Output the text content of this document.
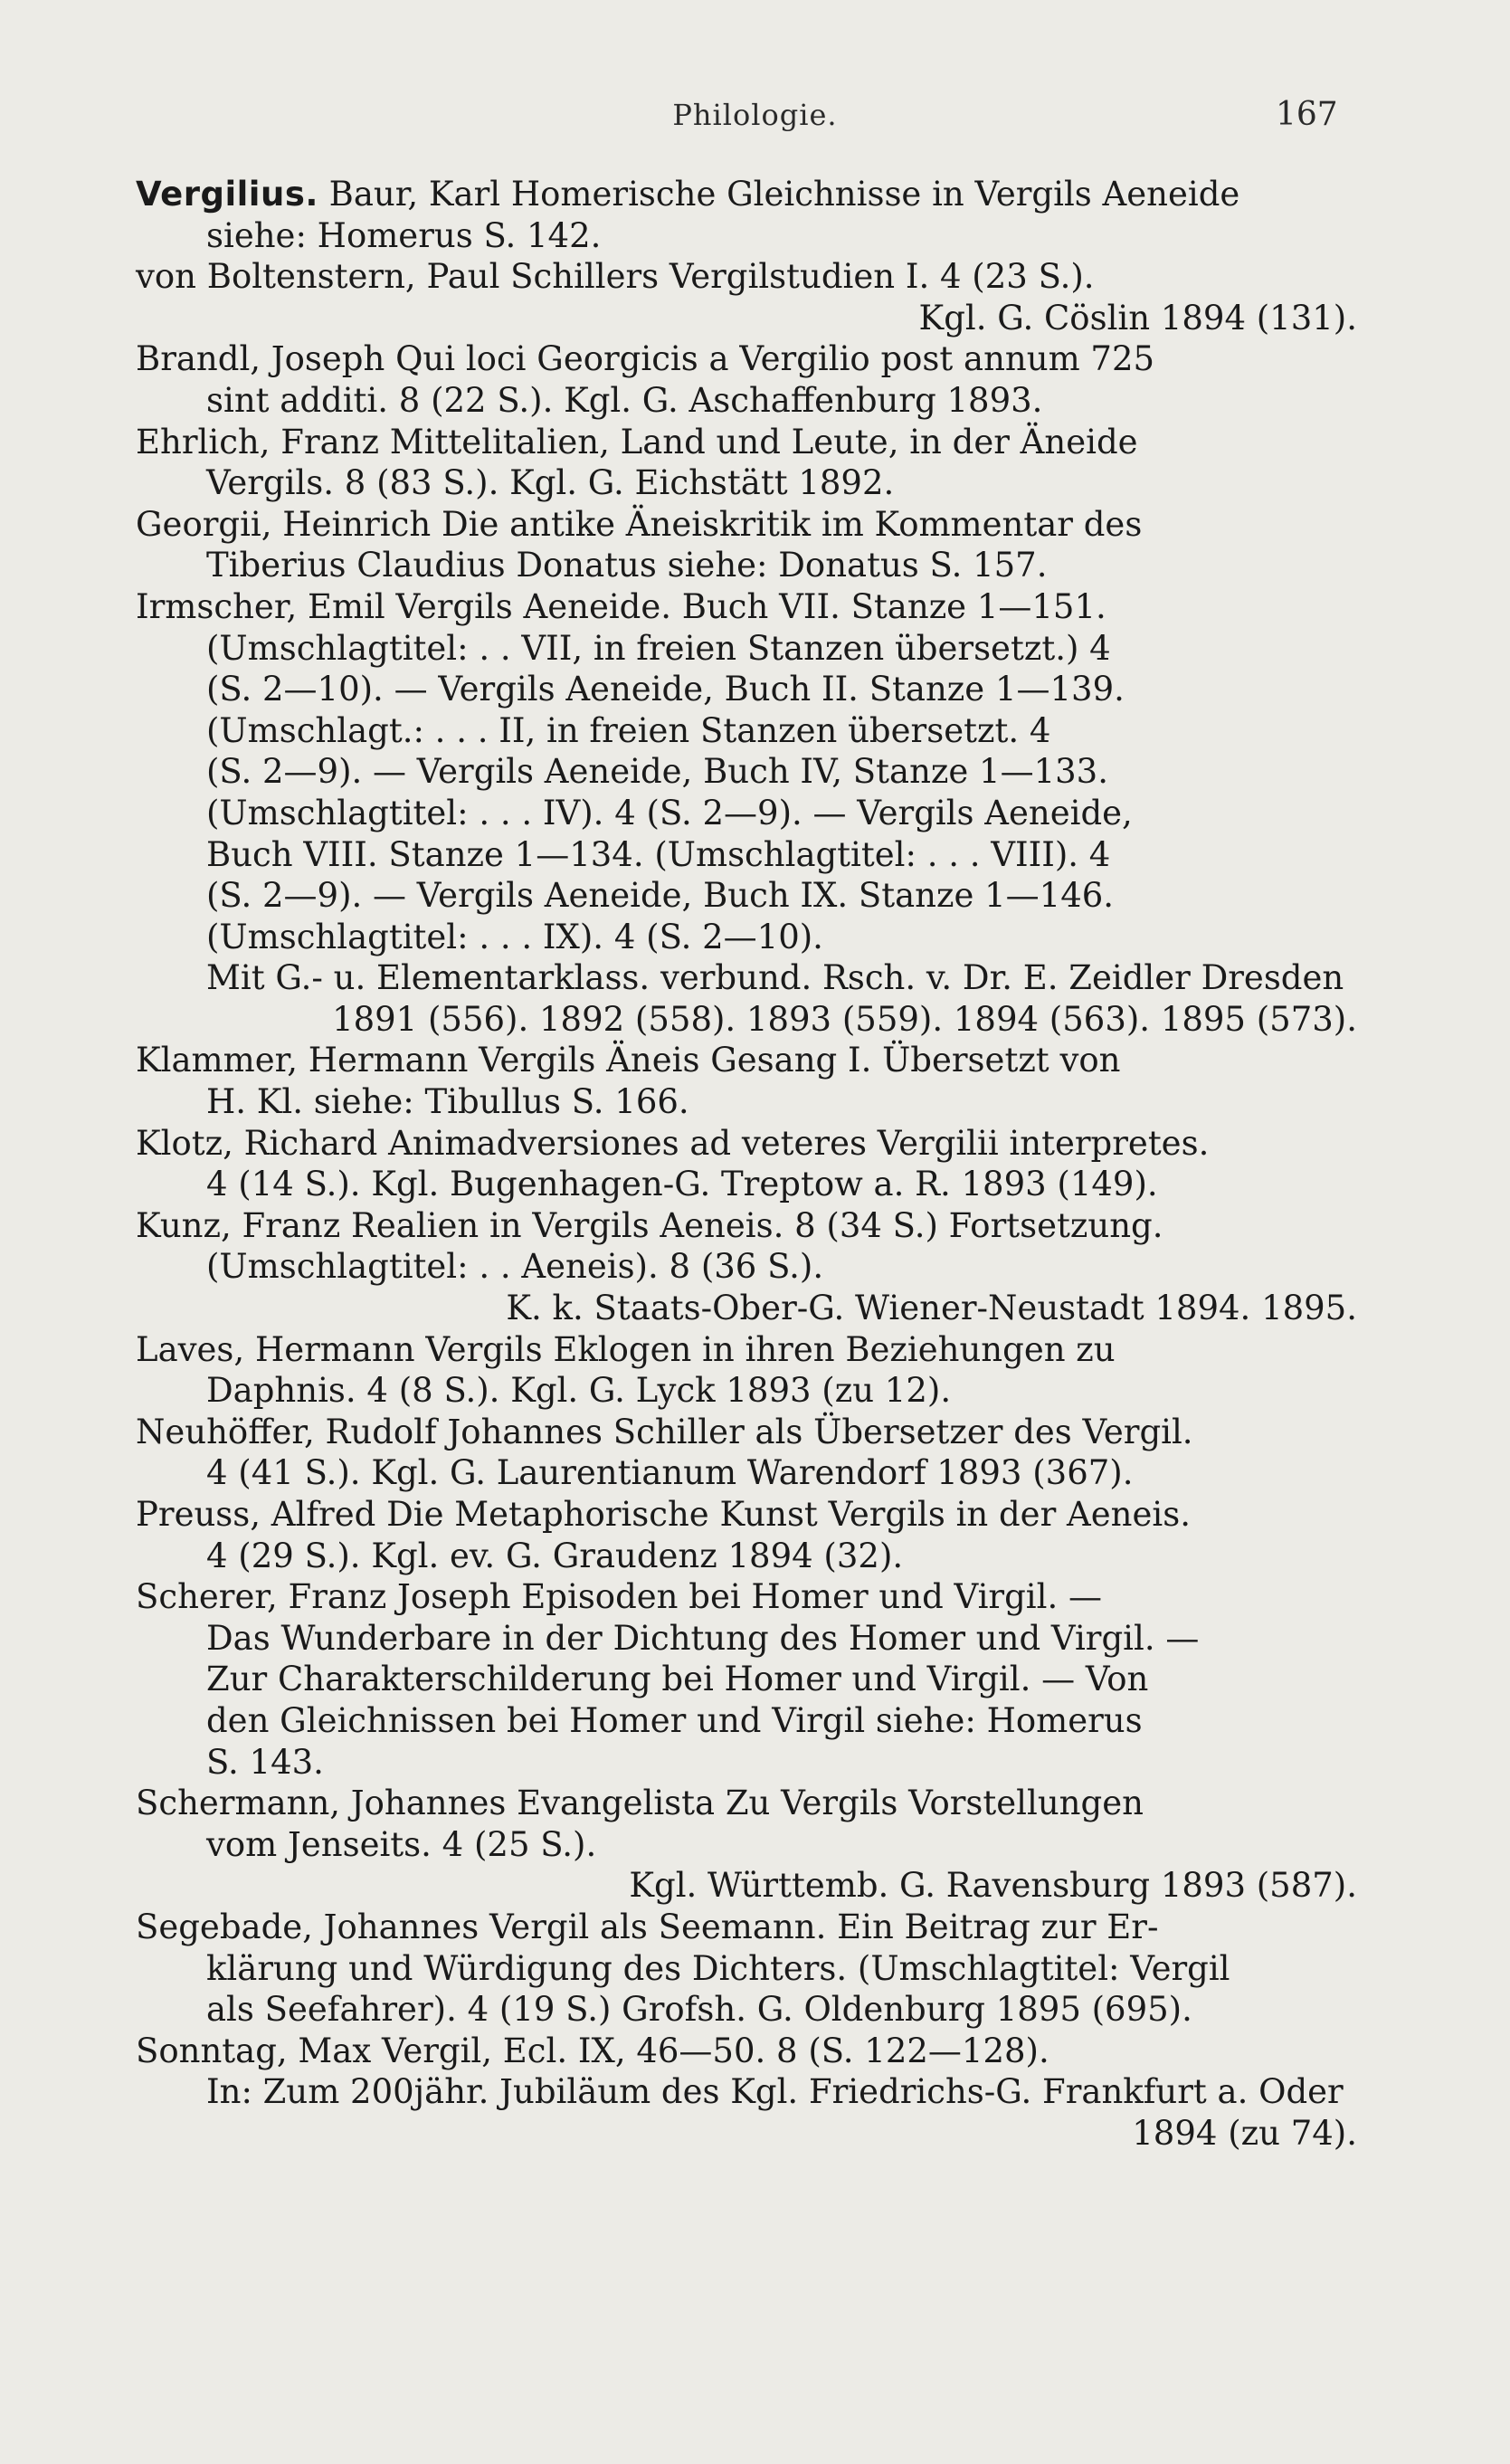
Philologie.	167
Vergilius. Baur, Karl Homerische Gleichnisse in Vergils Aeneide
siehe: Homerus S. 142.
von Boltenstern, Paul Schillers Vergilstudien I. 4 (23 S.).
Kgl. G. Cöslin 1894 (131).
Brandl, Joseph Qui loci Georgicis a Vergilio post annum 725
sint additi. 8 (22 S.). Kgl. G. Aschaffenburg 1893.
Ehrlich, Franz Mittelitalien, Land und Leute, in der Äneide
Vergils. 8 (83 S.). Kgl. G. Eichstätt 1892.
Georgii, Heinrich Die antike Äneiskritik im Kommentar des
Tiberius Claudius Donatus siehe: Donatus S. 157.
Irmscher, Emil Vergils Aeneide. Buch VII. Stanze 1—151.
(Umschlagtitel: . . VII, in freien Stanzen übersetzt.) 4
(S. 2—10). — Vergils Aeneide, Buch II. Stanze 1—139.
(Umschlagt.: . . . II, in freien Stanzen übersetzt. 4
(S. 2—9). — Vergils Aeneide, Buch IV, Stanze 1—133.
(Umschlagtitel: . . . IV). 4 (S. 2—9). — Vergils Aeneide,
Buch VIII. Stanze 1—134. (Umschlagtitel: . . . VIII). 4
(S. 2—9). — Vergils Aeneide, Buch IX. Stanze 1—146.
(Umschlagtitel: . . . IX). 4 (S. 2—10).
Mit G.- u. Elementarklass. verbund. Rsch. v. Dr. E. Zeidler Dresden
1891 (556). 1892 (558). 1893 (559). 1894 (563). 1895 (573).
Klammer, Hermann Vergils Äneis Gesang I. Übersetzt von
H. Kl. siehe: Tibullus S. 166.
Klotz, Richard Animadversiones ad veteres Vergilii interpretes.
4 (14 S.). Kgl. Bugenhagen-G. Treptow a. R. 1893 (149).
Kunz, Franz Realien in Vergils Aeneis. 8 (34 S.) Fortsetzung.
(Umschlagtitel: . . Aeneis). 8 (36 S.).
K. k. Staats-Ober-G. Wiener-Neustadt 1894. 1895.
Laves, Hermann Vergils Eklogen in ihren Beziehungen zu
Daphnis. 4 (8 S.). Kgl. G. Lyck 1893 (zu 12).
Neuhöffer, Rudolf Johannes Schiller als Übersetzer des Vergil.
4 (41 S.). Kgl. G. Laurentianum Warendorf 1893 (367).
Preuss, Alfred Die Metaphorische Kunst Vergils in der Aeneis.
4 (29 S.). Kgl. ev. G. Graudenz 1894 (32).
Scherer, Franz Joseph Episoden bei Homer und Virgil. —
Das Wunderbare in der Dichtung des Homer und Virgil. —
Zur Charakterschilderung bei Homer und Virgil. — Von
den Gleichnissen bei Homer und Virgil siehe: Homerus
S. 143.
Schermann, Johannes Evangelista Zu Vergils Vorstellungen
vom Jenseits. 4 (25 S.).
Kgl. Württemb. G. Ravensburg 1893 (587).
Segebade, Johannes Vergil als Seemann. Ein Beitrag zur Er-
klärung und Würdigung des Dichters. (Umschlagtitel: Vergil
als Seefahrer). 4 (19 S.) Grofsh. G. Oldenburg 1895 (695).
Sonntag, Max Vergil, Ecl. IX, 46—50. 8 (S. 122—128).
In: Zum 200jähr. Jubiläum des Kgl. Friedrichs-G. Frankfurt a. Oder
1894 (zu 74).
